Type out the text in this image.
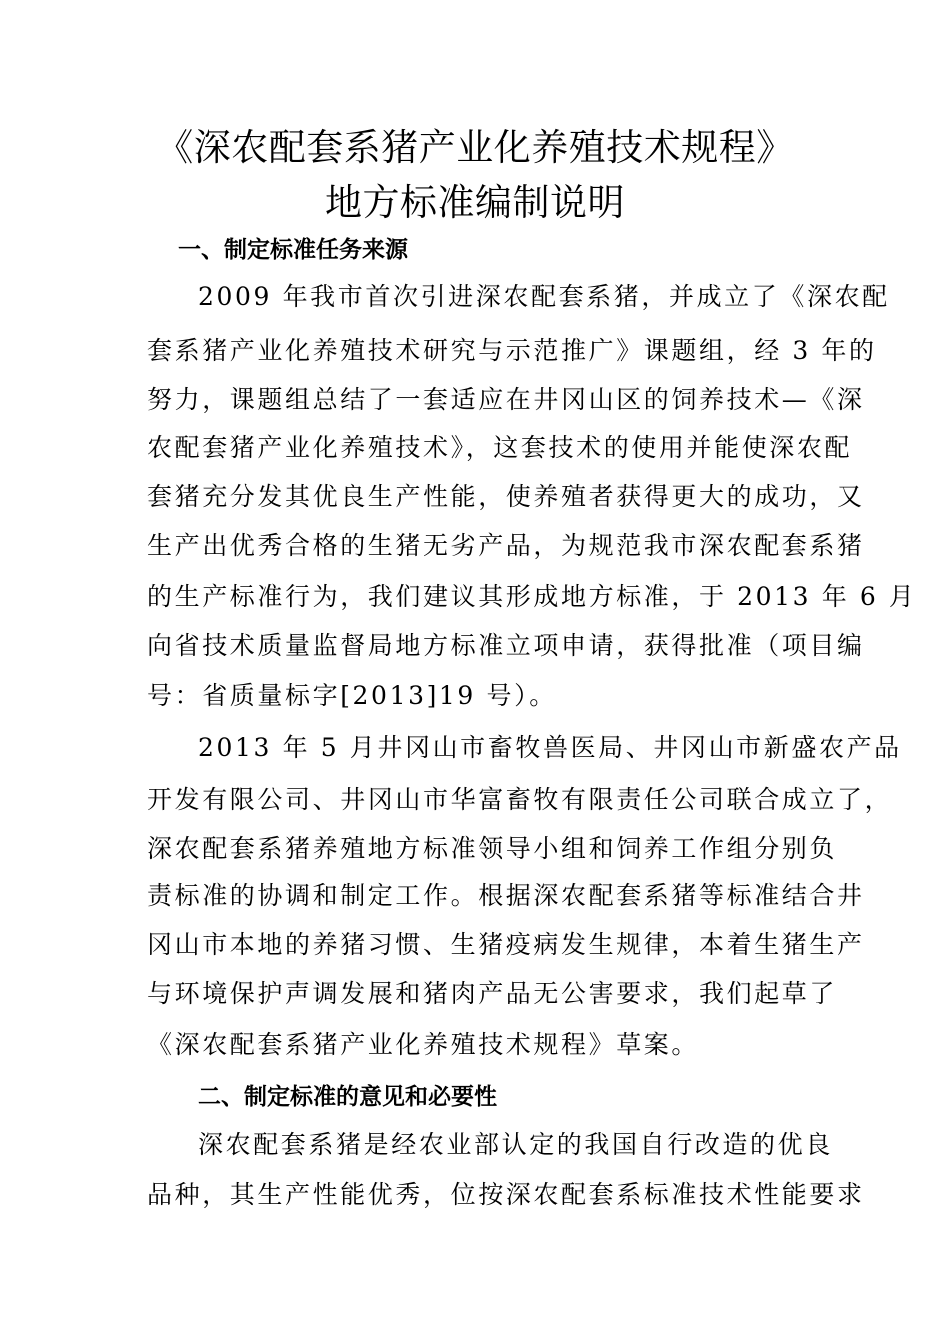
《深农配套系猪产业化养殖技术规程》
地方标准编制说明
一、制定标准任务来源
2009 年我市首次引进深农配套系猪，并成立了《深农配
套系猪产业化养殖技术研究与示范推广》课题组，经 3 年的
努力，课题组总结了一套适应在井冈山区的饲养技术—《深
农配套猪产业化养殖技术》，这套技术的使用并能使深农配
套猪充分发其优良生产性能，使养殖者获得更大的成功，又
生产出优秀合格的生猪无劣产品，为规范我市深农配套系猪
的生产标准行为，我们建议其形成地方标准，于 2013 年 6 月
向省技术质量监督局地方标准立项申请，获得批准（项目编
号：省质量标字[2013]19 号）。
2013 年 5 月井冈山市畜牧兽医局、井冈山市新盛农产品
开发有限公司、井冈山市华富畜牧有限责任公司联合成立了，
深农配套系猪养殖地方标准领导小组和饲养工作组分别负
责标准的协调和制定工作。根据深农配套系猪等标准结合井
冈山市本地的养猪习惯、生猪疫病发生规律，本着生猪生产
与环境保护声调发展和猪肉产品无公害要求，我们起草了
《深农配套系猪产业化养殖技术规程》草案。
二、制定标准的意见和必要性
深农配套系猪是经农业部认定的我国自行改造的优良
品种，其生产性能优秀，位按深农配套系标准技术性能要求
